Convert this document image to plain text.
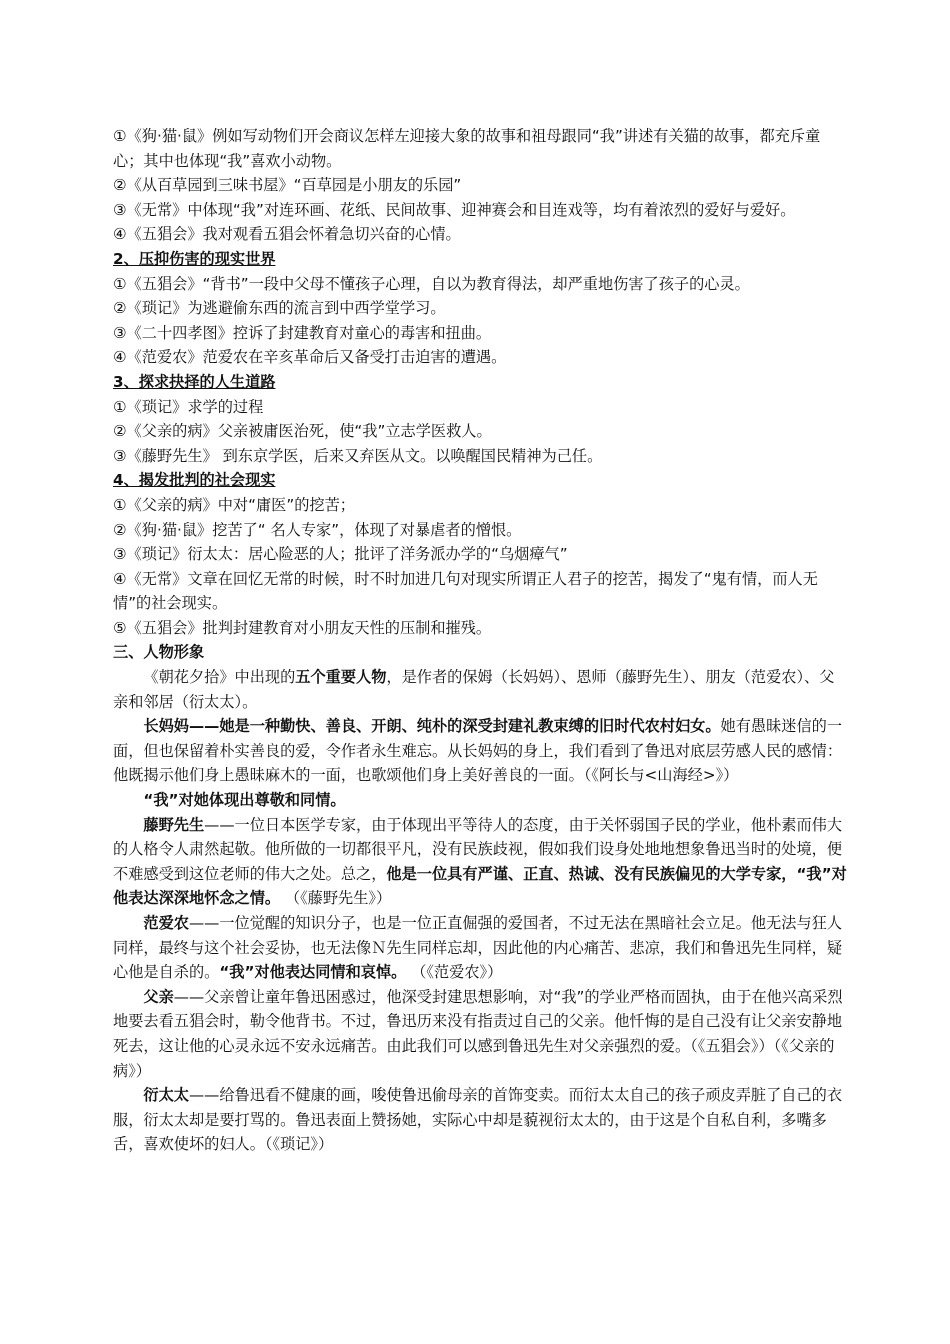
①《狗·猫·鼠》例如写动物们开会商议怎样左迎接大象的故事和祖母跟同“我”讲述有关猫的故事，都充斥童心；其中也体现“我”喜欢小动物。

②《从百草园到三味书屋》“百草园是小朋友的乐园”

③《无常》中体现“我”对连环画、花纸、民间故事、迎神赛会和目连戏等，均有着浓烈的爱好与爱好。

④《五猖会》我对观看五猖会怀着急切兴奋的心情。

2、压抑伤害的现实世界

①《五猖会》“背书”一段中父母不懂孩子心理，自以为教育得法，却严重地伤害了孩子的心灵。

②《琐记》为逃避偷东西的流言到中西学堂学习。

③《二十四孝图》控诉了封建教育对童心的毒害和扭曲。

④《范爱农》范爱农在辛亥革命后又备受打击迫害的遭遇。

3、探求抉择的人生道路

①《琐记》求学的过程

②《父亲的病》父亲被庸医治死，使“我”立志学医救人。

③《藤野先生》 到东京学医，后来又弃医从文。以唤醒国民精神为己任。

4、揭发批判的社会现实

①《父亲的病》中对“庸医”的挖苦；

②《狗·猫·鼠》挖苦了“ 名人专家”，体现了对暴虐者的憎恨。

③《琐记》衍太太：居心险恶的人；批评了洋务派办学的“乌烟瘴气”

④《无常》文章在回忆无常的时候，时不时加进几句对现实所谓正人君子的挖苦，揭发了“鬼有情，而人无情”的社会现实。

⑤《五猖会》批判封建教育对小朋友天性的压制和摧残。

三、人物形象

《朝花夕拾》中出现的五个重要人物，是作者的保姆（长妈妈）、恩师（藤野先生）、朋友（范爱农）、父亲和邻居（衍太太）。

长妈妈——她是一种勤快、善良、开朗、纯朴的深受封建礼教束缚的旧时代农村妇女。她有愚昧迷信的一面，但也保留着朴实善良的爱，令作者永生难忘。从长妈妈的身上，我们看到了鲁迅对底层劳感人民的感情：他既揭示他们身上愚昧麻木的一面，也歌颂他们身上美好善良的一面。（《阿长与<山海经>》）

“我”对她体现出尊敬和同情。

藤野先生——一位日本医学专家，由于体现出平等待人的态度，由于关怀弱国子民的学业，他朴素而伟大的人格令人肃然起敬。他所做的一切都很平凡，没有民族歧视，假如我们设身处地地想象鲁迅当时的处境，便不难感受到这位老师的伟大之处。总之，他是一位具有严谨、正直、热诚、没有民族偏见的大学专家，“我”对他表达深深地怀念之情。 （《藤野先生》）

范爱农——一位觉醒的知识分子，也是一位正直倔强的爱国者，不过无法在黑暗社会立足。他无法与狂人同样，最终与这个社会妥协，也无法像Ｎ先生同样忘却，因此他的内心痛苦、悲凉，我们和鲁迅先生同样，疑心他是自杀的。“我”对他表达同情和哀悼。 （《范爱农》）

父亲——父亲曾让童年鲁迅困惑过，他深受封建思想影响，对“我”的学业严格而固执，由于在他兴高采烈地要去看五猖会时，勒令他背书。不过，鲁迅历来没有指责过自己的父亲。他忏悔的是自己没有让父亲安静地死去，这让他的心灵永远不安永远痛苦。由此我们可以感到鲁迅先生对父亲强烈的爱。（《五猖会》）（《父亲的病》）

衍太太——给鲁迅看不健康的画，唆使鲁迅偷母亲的首饰变卖。而衍太太自己的孩子顽皮弄脏了自己的衣服，衍太太却是要打骂的。鲁迅表面上赞扬她，实际心中却是藐视衍太太的，由于这是个自私自利，多嘴多舌，喜欢使坏的妇人。（《琐记》）
